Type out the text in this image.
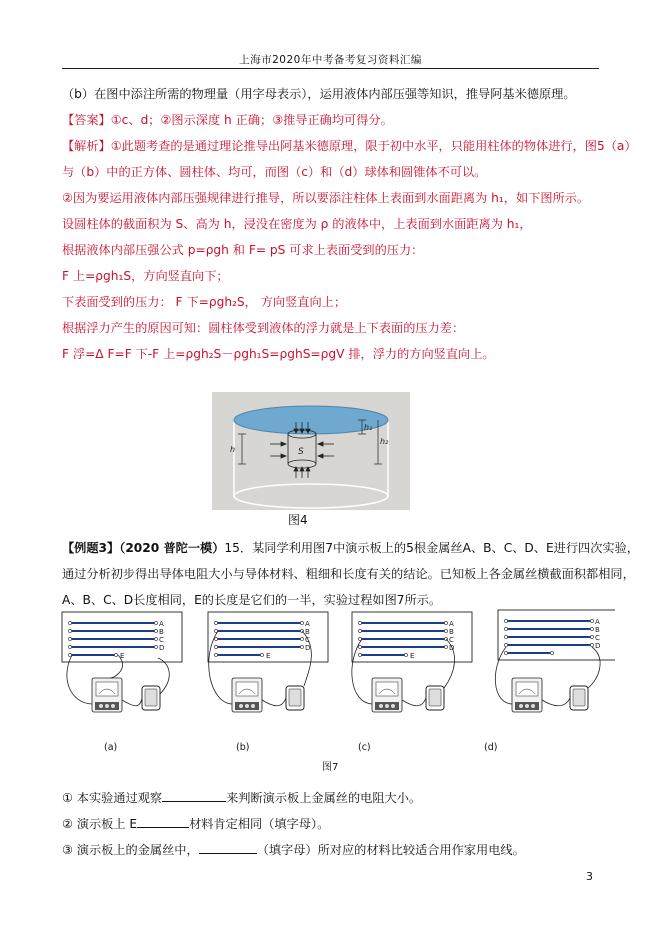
上海市2020年中考备考复习资料汇编
（b）在图中添注所需的物理量（用字母表示），运用液体内部压强等知识，推导阿基米德原理。
【答案】①c、d；②图示深度 h 正确；③推导正确均可得分。
【解析】①此题考查的是通过理论推导出阿基米德原理，限于初中水平，只能用柱体的物体进行，图5（a）
与（b）中的正方体、圆柱体、均可，而图（c）和（d）球体和圆锥体不可以。
②因为要运用液体内部压强规律进行推导，所以要添注柱体上表面到水面距离为 h₁，如下图所示。
设圆柱体的截面积为 S、高为 h，浸没在密度为 ρ 的液体中，上表面到水面距离为 h₁，
根据液体内部压强公式 p=ρgh 和 F= pS 可求上表面受到的压力：
F 上=ρgh₁S，方向竖直向下；
下表面受到的压力： F 下=ρgh₂S， 方向竖直向上；
根据浮力产生的原因可知：圆柱体受到液体的浮力就是上下表面的压力差：
F 浮=Δ F=F 下-F 上=ρgh₂S－ρgh₁S=ρghS=ρgV 排，浮力的方向竖直向上。
h₁
h₂
h	S
图4
【例题3】（2020 普陀一模）15．某同学利用图7中演示板上的5根金属丝A、B、C、D、E进行四次实验，
通过分析初步得出导体电阻大小与导体材料、粗细和长度有关的结论。已知板上各金属丝横截面积都相同，
A、B、C、D长度相同，E的长度是它们的一半，实验过程如图7所示。
A
B
C
D
E
A
B
C
D
E
A
B
C
D
E
A
B
C
D
(a)	(b)	(c)	(d)
图7
① 本实验通过观察	来判断演示板上金属丝的电阻大小。
② 演示板上 E	材料肯定相同（填字母）。
③ 演示板上的金属丝中，	（填字母）所对应的材料比较适合用作家用电线。
3
